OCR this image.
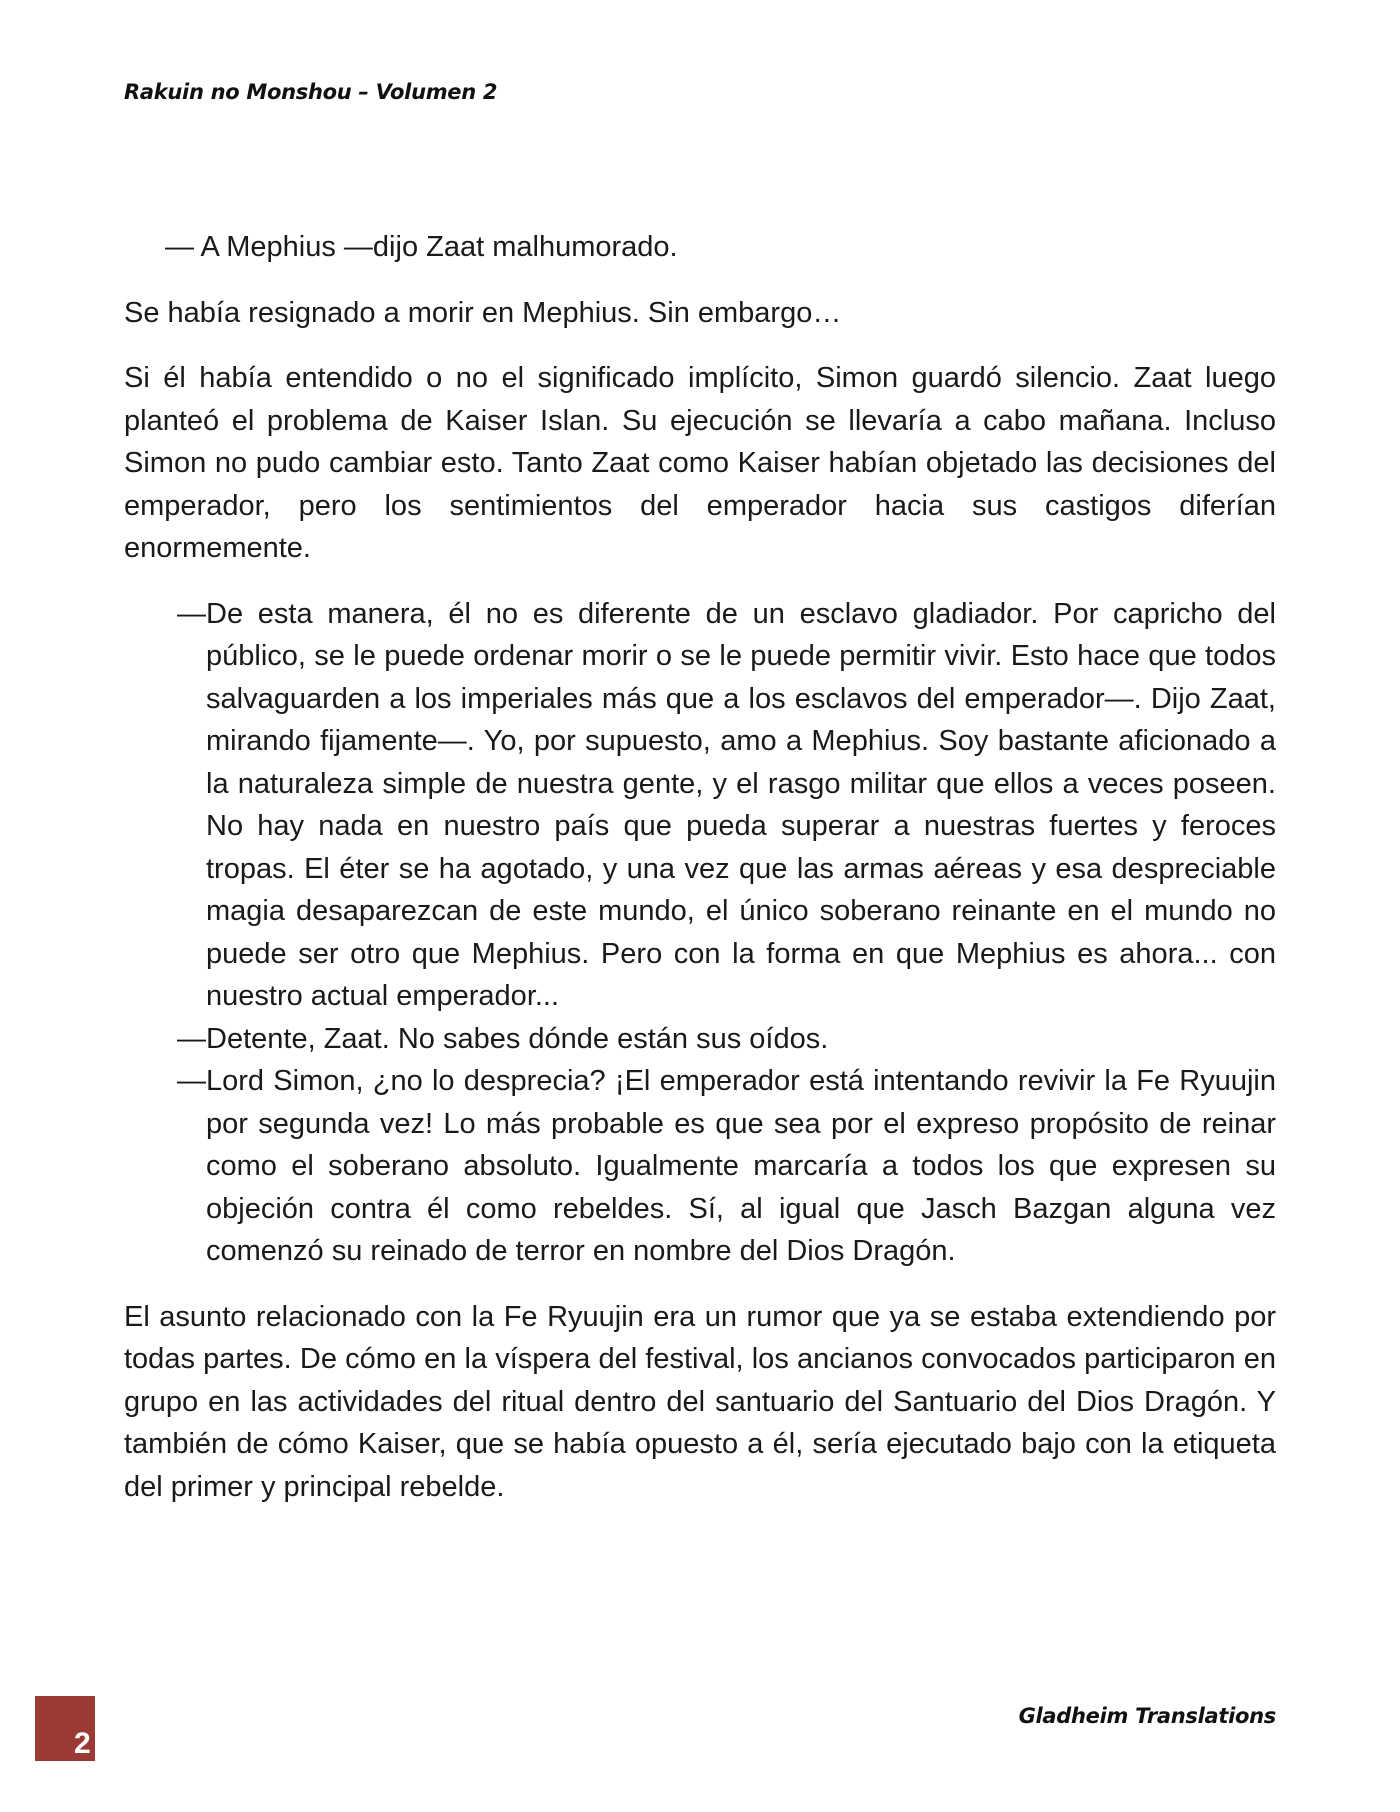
Rakuin no Monshou – Volumen 2

— A Mephius —dijo Zaat malhumorado.

Se había resignado a morir en Mephius. Sin embargo…

Si él había entendido o no el significado implícito, Simon guardó silencio. Zaat luego planteó el problema de Kaiser Islan. Su ejecución se llevaría a cabo mañana. Incluso Simon no pudo cambiar esto. Tanto Zaat como Kaiser habían objetado las decisiones del emperador, pero los sentimientos del emperador hacia sus castigos diferían enormemente.

— De esta manera, él no es diferente de un esclavo gladiador. Por capricho del público, se le puede ordenar morir o se le puede permitir vivir. Esto hace que todos salvaguarden a los imperiales más que a los esclavos del emperador—. Dijo Zaat, mirando fijamente—. Yo, por supuesto, amo a Mephius. Soy bastante aficionado a la naturaleza simple de nuestra gente, y el rasgo militar que ellos a veces poseen. No hay nada en nuestro país que pueda superar a nuestras fuertes y feroces tropas. El éter se ha agotado, y una vez que las armas aéreas y esa despreciable magia desaparezcan de este mundo, el único soberano reinante en el mundo no puede ser otro que Mephius. Pero con la forma en que Mephius es ahora... con nuestro actual emperador...
— Detente, Zaat. No sabes dónde están sus oídos.
— Lord Simon, ¿no lo desprecia? ¡El emperador está intentando revivir la Fe Ryuujin por segunda vez! Lo más probable es que sea por el expreso propósito de reinar como el soberano absoluto. Igualmente marcaría a todos los que expresen su objeción contra él como rebeldes. Sí, al igual que Jasch Bazgan alguna vez comenzó su reinado de terror en nombre del Dios Dragón.

El asunto relacionado con la Fe Ryuujin era un rumor que ya se estaba extendiendo por todas partes. De cómo en la víspera del festival, los ancianos convocados participaron en grupo en las actividades del ritual dentro del santuario del Santuario del Dios Dragón. Y también de cómo Kaiser, que se había opuesto a él, sería ejecutado bajo con la etiqueta del primer y principal rebelde.

2
Gladheim Translations
